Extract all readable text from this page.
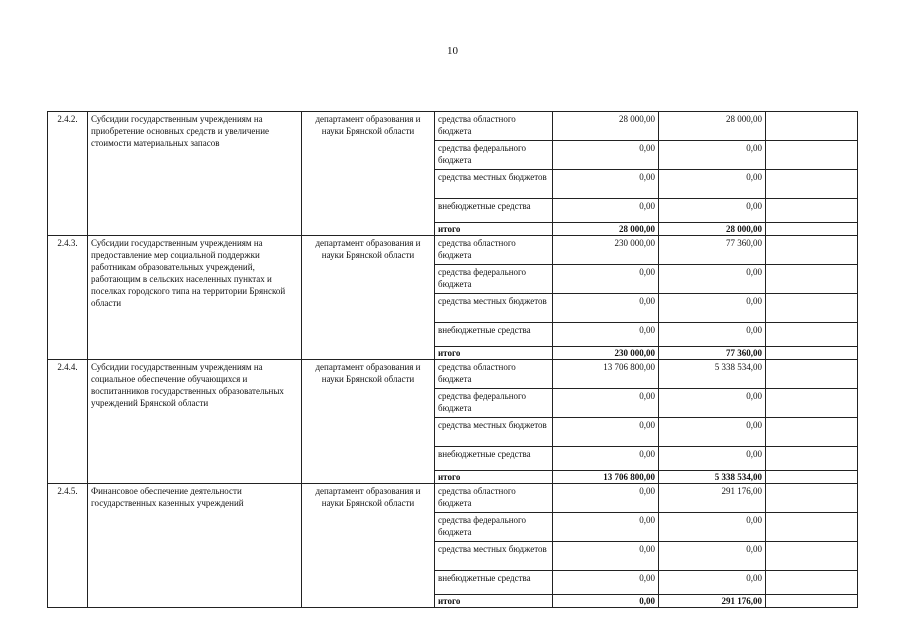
10
2.4.2.	Субсидии государственным учреждениям на приобретение основных средств и увеличение стоимости материальных запасов	департамент образования и науки Брянской области	средства областного бюджета	28 000,00	28 000,00	
			средства федерального бюджета	0,00	0,00	
			средства местных бюджетов	0,00	0,00	
			внебюджетные средства	0,00	0,00	
			итого	28 000,00	28 000,00	
2.4.3.	Субсидии государственным учреждениям на предоставление мер социальной поддержки работникам образовательных учреждений, работающим в сельских населенных пунктах и поселках городского типа на территории Брянской области	департамент образования и науки Брянской области	средства областного бюджета	230 000,00	77 360,00	
			средства федерального бюджета	0,00	0,00	
			средства местных бюджетов	0,00	0,00	
			внебюджетные средства	0,00	0,00	
			итого	230 000,00	77 360,00	
2.4.4.	Субсидии государственным учреждениям на социальное обеспечение обучающихся и воспитанников государственных образовательных учреждений Брянской области	департамент образования и науки Брянской области	средства областного бюджета	13 706 800,00	5 338 534,00	
			средства федерального бюджета	0,00	0,00	
			средства местных бюджетов	0,00	0,00	
			внебюджетные средства	0,00	0,00	
			итого	13 706 800,00	5 338 534,00	
2.4.5.	Финансовое обеспечение деятельности государственных казенных учреждений	департамент образования и науки Брянской области	средства областного бюджета	0,00	291 176,00	
			средства федерального бюджета	0,00	0,00	
			средства местных бюджетов	0,00	0,00	
			внебюджетные средства	0,00	0,00	
			итого	0,00	291 176,00	
